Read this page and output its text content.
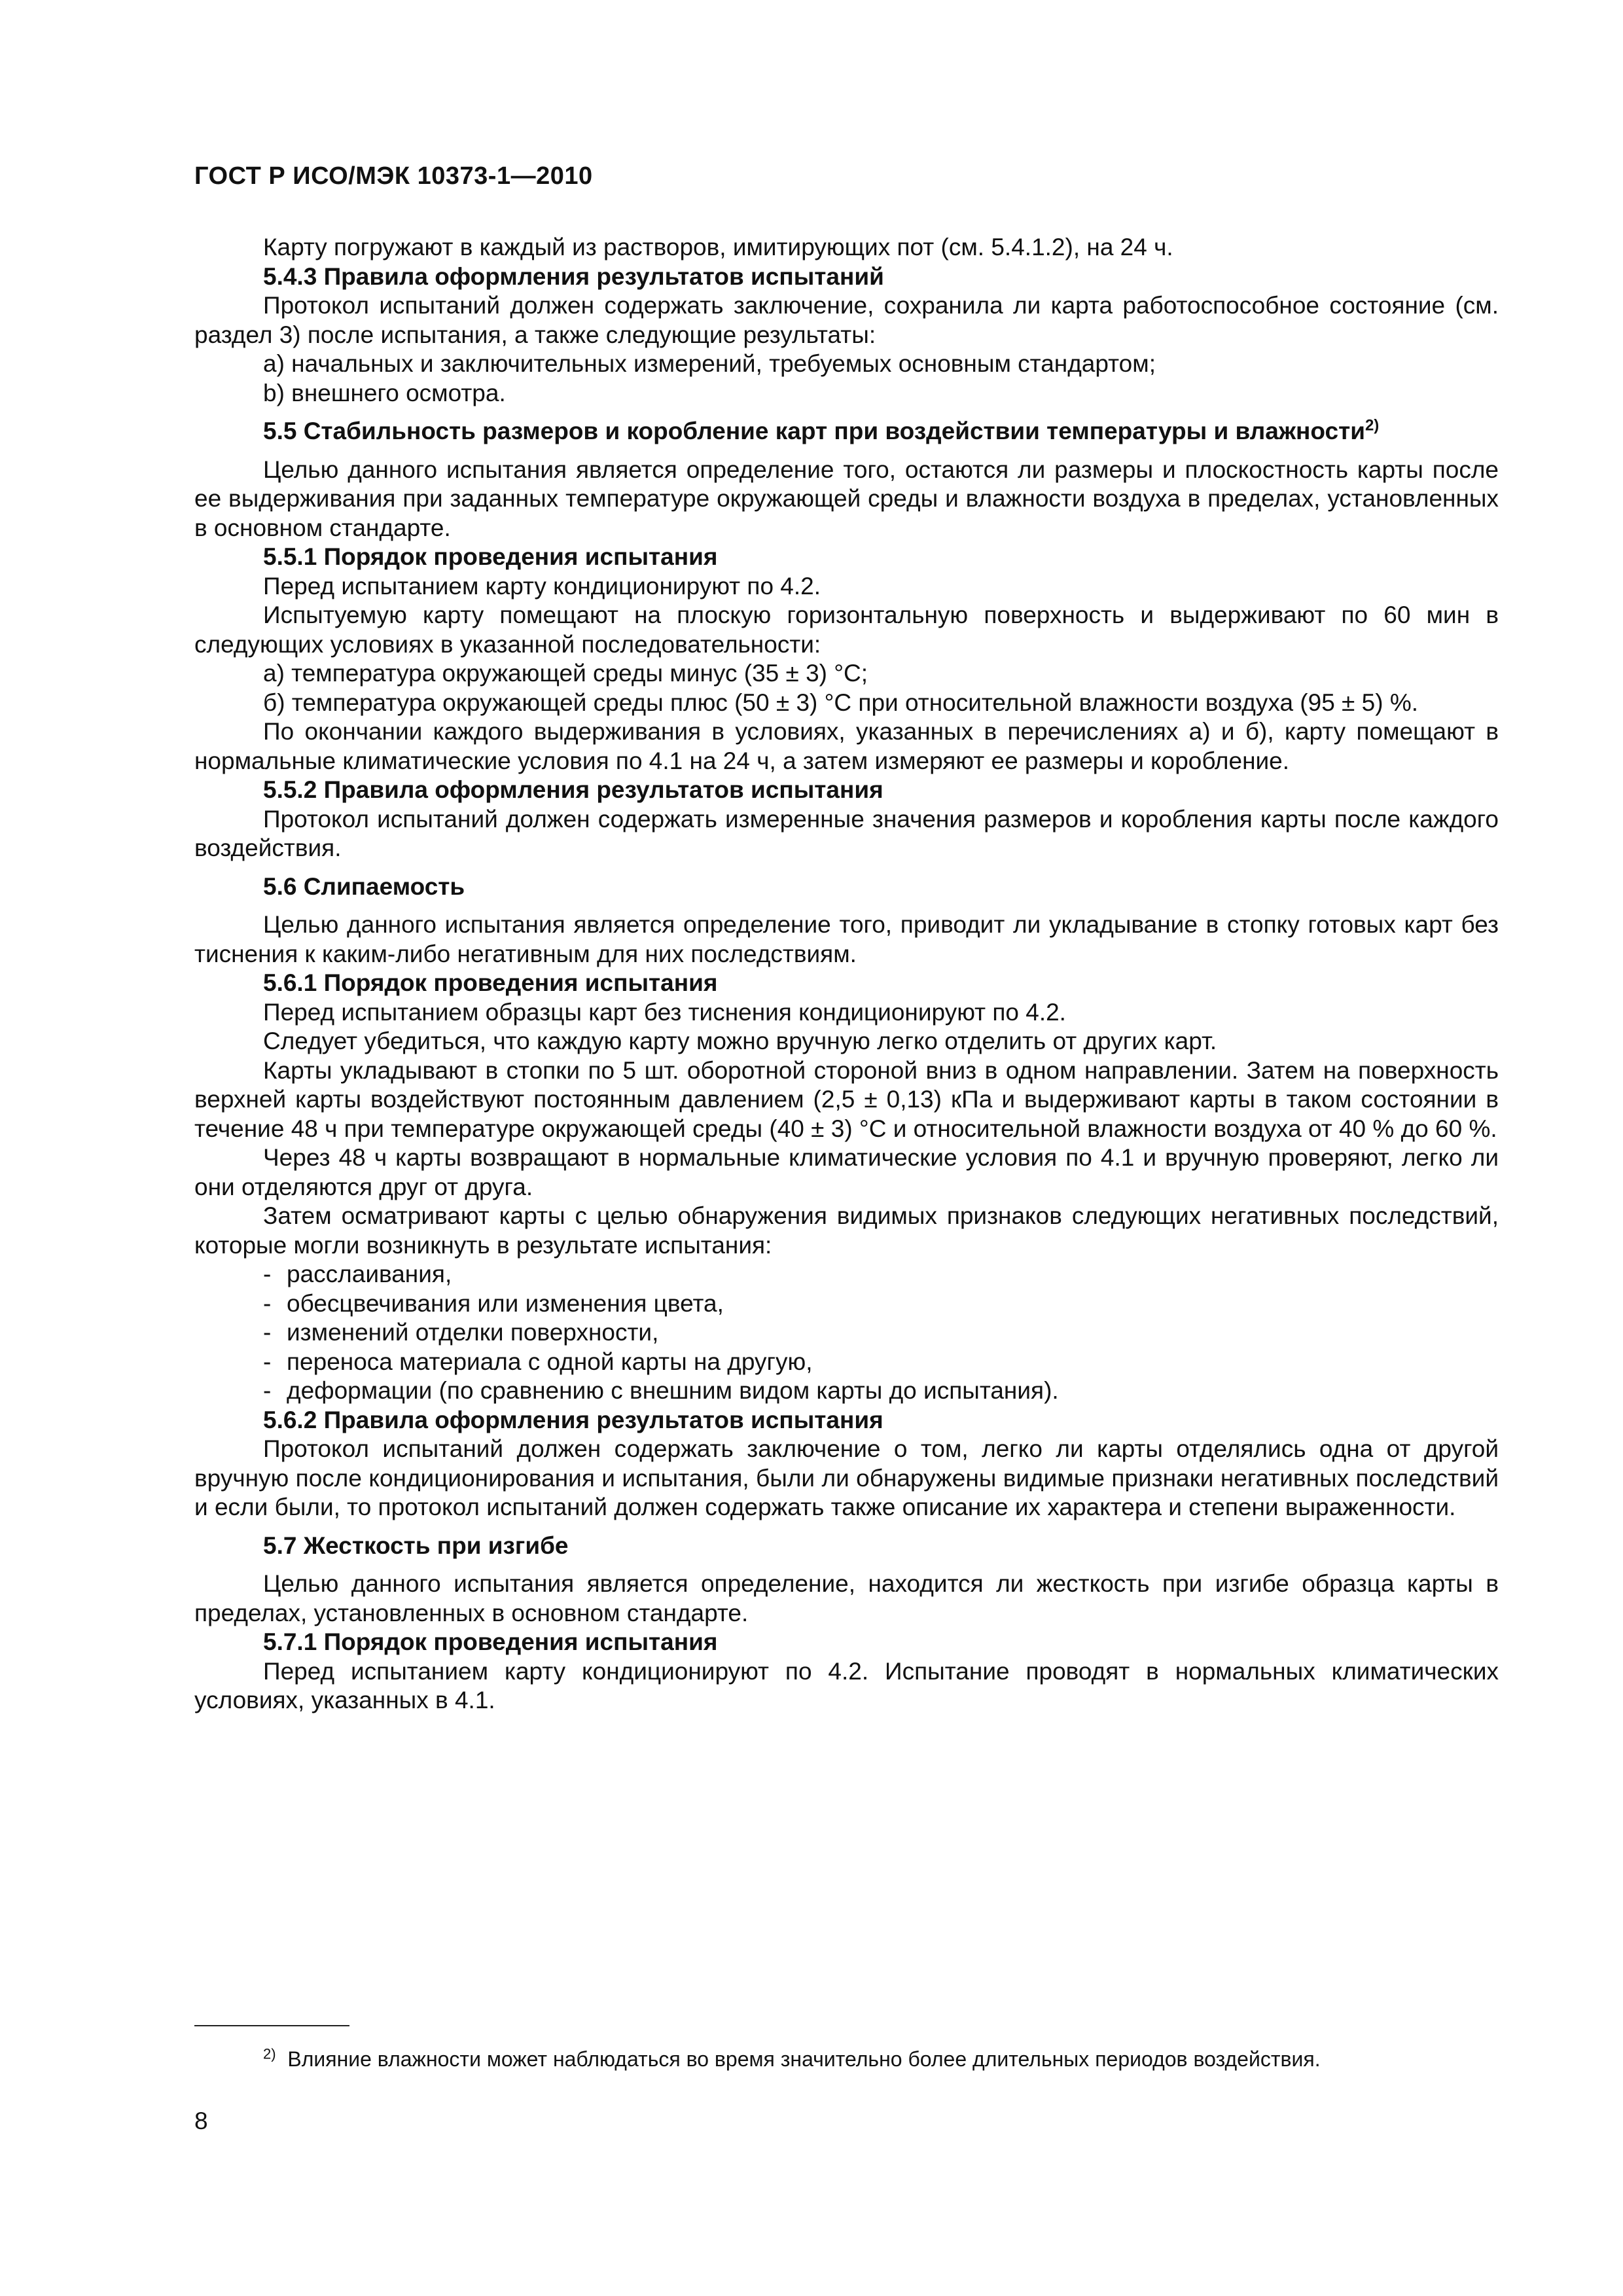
ГОСТ Р ИСО/МЭК 10373-1—2010

Карту погружают в каждый из растворов, имитирующих пот (см. 5.4.1.2), на 24 ч.

5.4.3 Правила оформления результатов испытаний

Протокол испытаний должен содержать заключение, сохранила ли карта работоспособное состояние (см. раздел 3) после испытания, а также следующие результаты:

a) начальных и заключительных измерений, требуемых основным стандартом;

b) внешнего осмотра.

5.5 Стабильность размеров и коробление карт при воздействии температуры и влажности$^{2)}$

Целью данного испытания является определение того, остаются ли размеры и плоскостность карты после ее выдерживания при заданных температуре окружающей среды и влажности воздуха в пределах, установленных в основном стандарте.

5.5.1 Порядок проведения испытания

Перед испытанием карту кондиционируют по 4.2.

Испытуемую карту помещают на плоскую горизонтальную поверхность и выдерживают по 60 мин в следующих условиях в указанной последовательности:

а) температура окружающей среды минус (35 ± 3) °C;

б) температура окружающей среды плюс (50 ± 3) °C при относительной влажности воздуха (95 ± 5) %.

По окончании каждого выдерживания в условиях, указанных в перечислениях а) и б), карту помещают в нормальные климатические условия по 4.1 на 24 ч, а затем измеряют ее размеры и коробление.

5.5.2 Правила оформления результатов испытания

Протокол испытаний должен содержать измеренные значения размеров и коробления карты после каждого воздействия.

5.6 Слипаемость

Целью данного испытания является определение того, приводит ли укладывание в стопку готовых карт без тиснения к каким-либо негативным для них последствиям.

5.6.1 Порядок проведения испытания

Перед испытанием образцы карт без тиснения кондиционируют по 4.2.

Следует убедиться, что каждую карту можно вручную легко отделить от других карт.

Карты укладывают в стопки по 5 шт. оборотной стороной вниз в одном направлении. Затем на поверхность верхней карты воздействуют постоянным давлением (2,5 ± 0,13) кПа и выдерживают карты в таком состоянии в течение 48 ч при температуре окружающей среды (40 ± 3) °C и относительной влажности воздуха от 40 % до 60 %.

Через 48 ч карты возвращают в нормальные климатические условия по 4.1 и вручную проверяют, легко ли они отделяются друг от друга.

Затем осматривают карты с целью обнаружения видимых признаков следующих негативных последствий, которые могли возникнуть в результате испытания:

- расслаивания,

- обесцвечивания или изменения цвета,

- изменений отделки поверхности,

- переноса материала с одной карты на другую,

- деформации (по сравнению с внешним видом карты до испытания).

5.6.2 Правила оформления результатов испытания

Протокол испытаний должен содержать заключение о том, легко ли карты отделялись одна от другой вручную после кондиционирования и испытания, были ли обнаружены видимые признаки негативных последствий и если были, то протокол испытаний должен содержать также описание их характера и степени выраженности.

5.7 Жесткость при изгибе

Целью данного испытания является определение, находится ли жесткость при изгибе образца карты в пределах, установленных в основном стандарте.

5.7.1 Порядок проведения испытания

Перед испытанием карту кондиционируют по 4.2. Испытание проводят в нормальных климатических условиях, указанных в 4.1.

$^{2)}$ Влияние влажности может наблюдаться во время значительно более длительных периодов воздействия.
8
